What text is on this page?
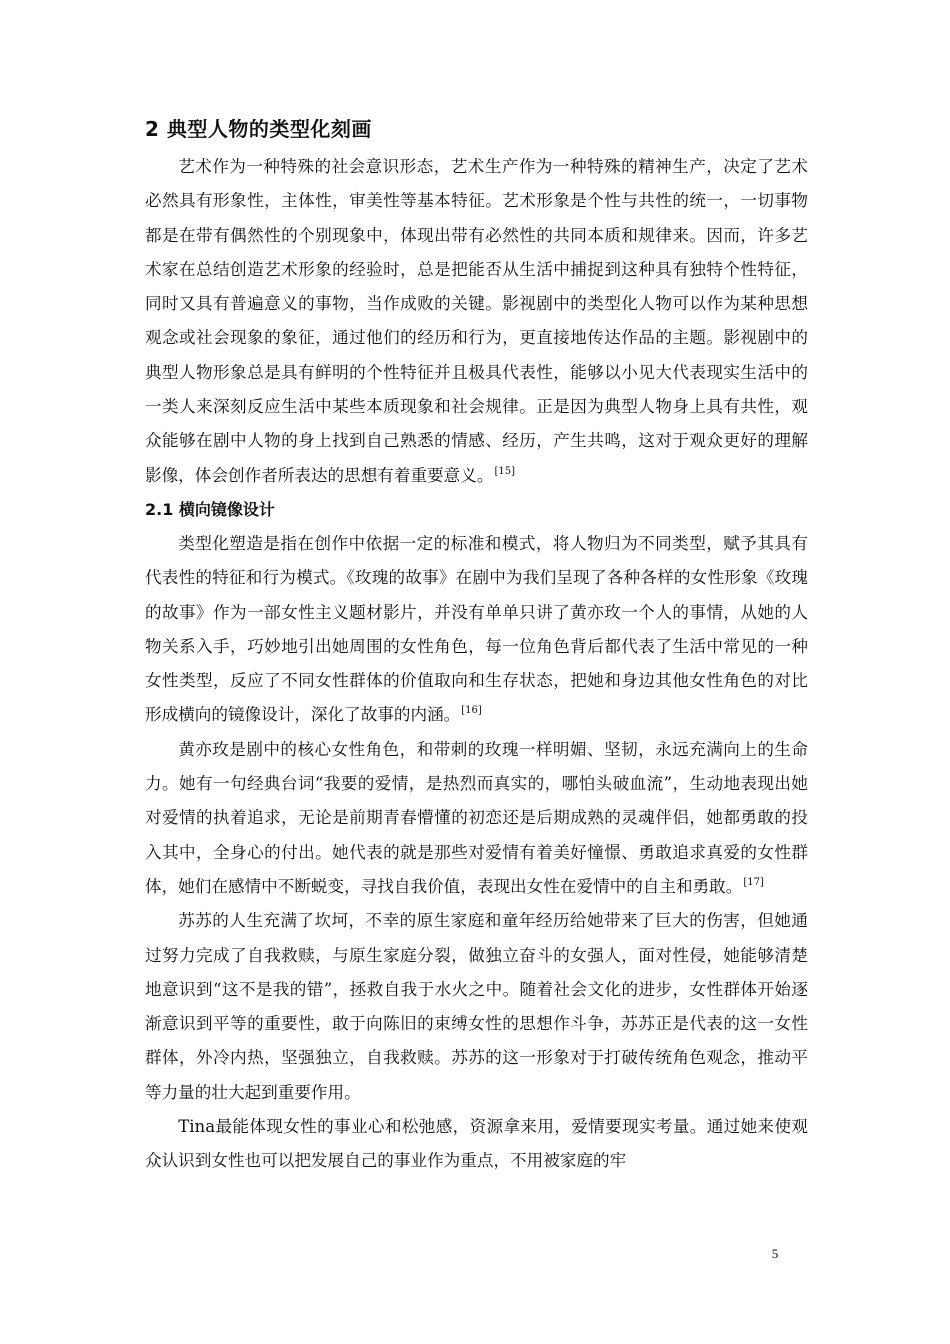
2 典型人物的类型化刻画

艺术作为一种特殊的社会意识形态，艺术生产作为一种特殊的精神生产，决定了艺术必然具有形象性，主体性，审美性等基本特征。艺术形象是个性与共性的统一，一切事物都是在带有偶然性的个别现象中，体现出带有必然性的共同本质和规律来。因而，许多艺术家在总结创造艺术形象的经验时，总是把能否从生活中捕捉到这种具有独特个性特征，同时又具有普遍意义的事物，当作成败的关键。影视剧中的类型化人物可以作为某种思想观念或社会现象的象征，通过他们的经历和行为，更直接地传达作品的主题。影视剧中的典型人物形象总是具有鲜明的个性特征并且极具代表性，能够以小见大代表现实生活中的一类人来深刻反应生活中某些本质现象和社会规律。正是因为典型人物身上具有共性，观众能够在剧中人物的身上找到自己熟悉的情感、经历，产生共鸣，这对于观众更好的理解影像，体会创作者所表达的思想有着重要意义。[15]

2.1 横向镜像设计

类型化塑造是指在创作中依据一定的标准和模式，将人物归为不同类型，赋予其具有代表性的特征和行为模式。《玫瑰的故事》在剧中为我们呈现了各种各样的女性形象《玫瑰的故事》作为一部女性主义题材影片，并没有单单只讲了黄亦玫一个人的事情，从她的人物关系入手，巧妙地引出她周围的女性角色，每一位角色背后都代表了生活中常见的一种女性类型，反应了不同女性群体的价值取向和生存状态，把她和身边其他女性角色的对比形成横向的镜像设计，深化了故事的内涵。[16]

黄亦玫是剧中的核心女性角色，和带刺的玫瑰一样明媚、坚韧，永远充满向上的生命力。她有一句经典台词“我要的爱情，是热烈而真实的，哪怕头破血流”，生动地表现出她对爱情的执着追求，无论是前期青春懵懂的初恋还是后期成熟的灵魂伴侣，她都勇敢的投入其中，全身心的付出。她代表的就是那些对爱情有着美好憧憬、勇敢追求真爱的女性群体，她们在感情中不断蜕变，寻找自我价值，表现出女性在爱情中的自主和勇敢。[17]

苏苏的人生充满了坎坷，不幸的原生家庭和童年经历给她带来了巨大的伤害，但她通过努力完成了自我救赎，与原生家庭分裂，做独立奋斗的女强人，面对性侵，她能够清楚地意识到“这不是我的错”，拯救自我于水火之中。随着社会文化的进步，女性群体开始逐渐意识到平等的重要性，敢于向陈旧的束缚女性的思想作斗争，苏苏正是代表的这一女性群体，外冷内热，坚强独立，自我救赎。苏苏的这一形象对于打破传统角色观念，推动平等力量的壮大起到重要作用。

Tina最能体现女性的事业心和松弛感，资源拿来用，爱情要现实考量。通过她来使观众认识到女性也可以把发展自己的事业作为重点，不用被家庭的牢

5
